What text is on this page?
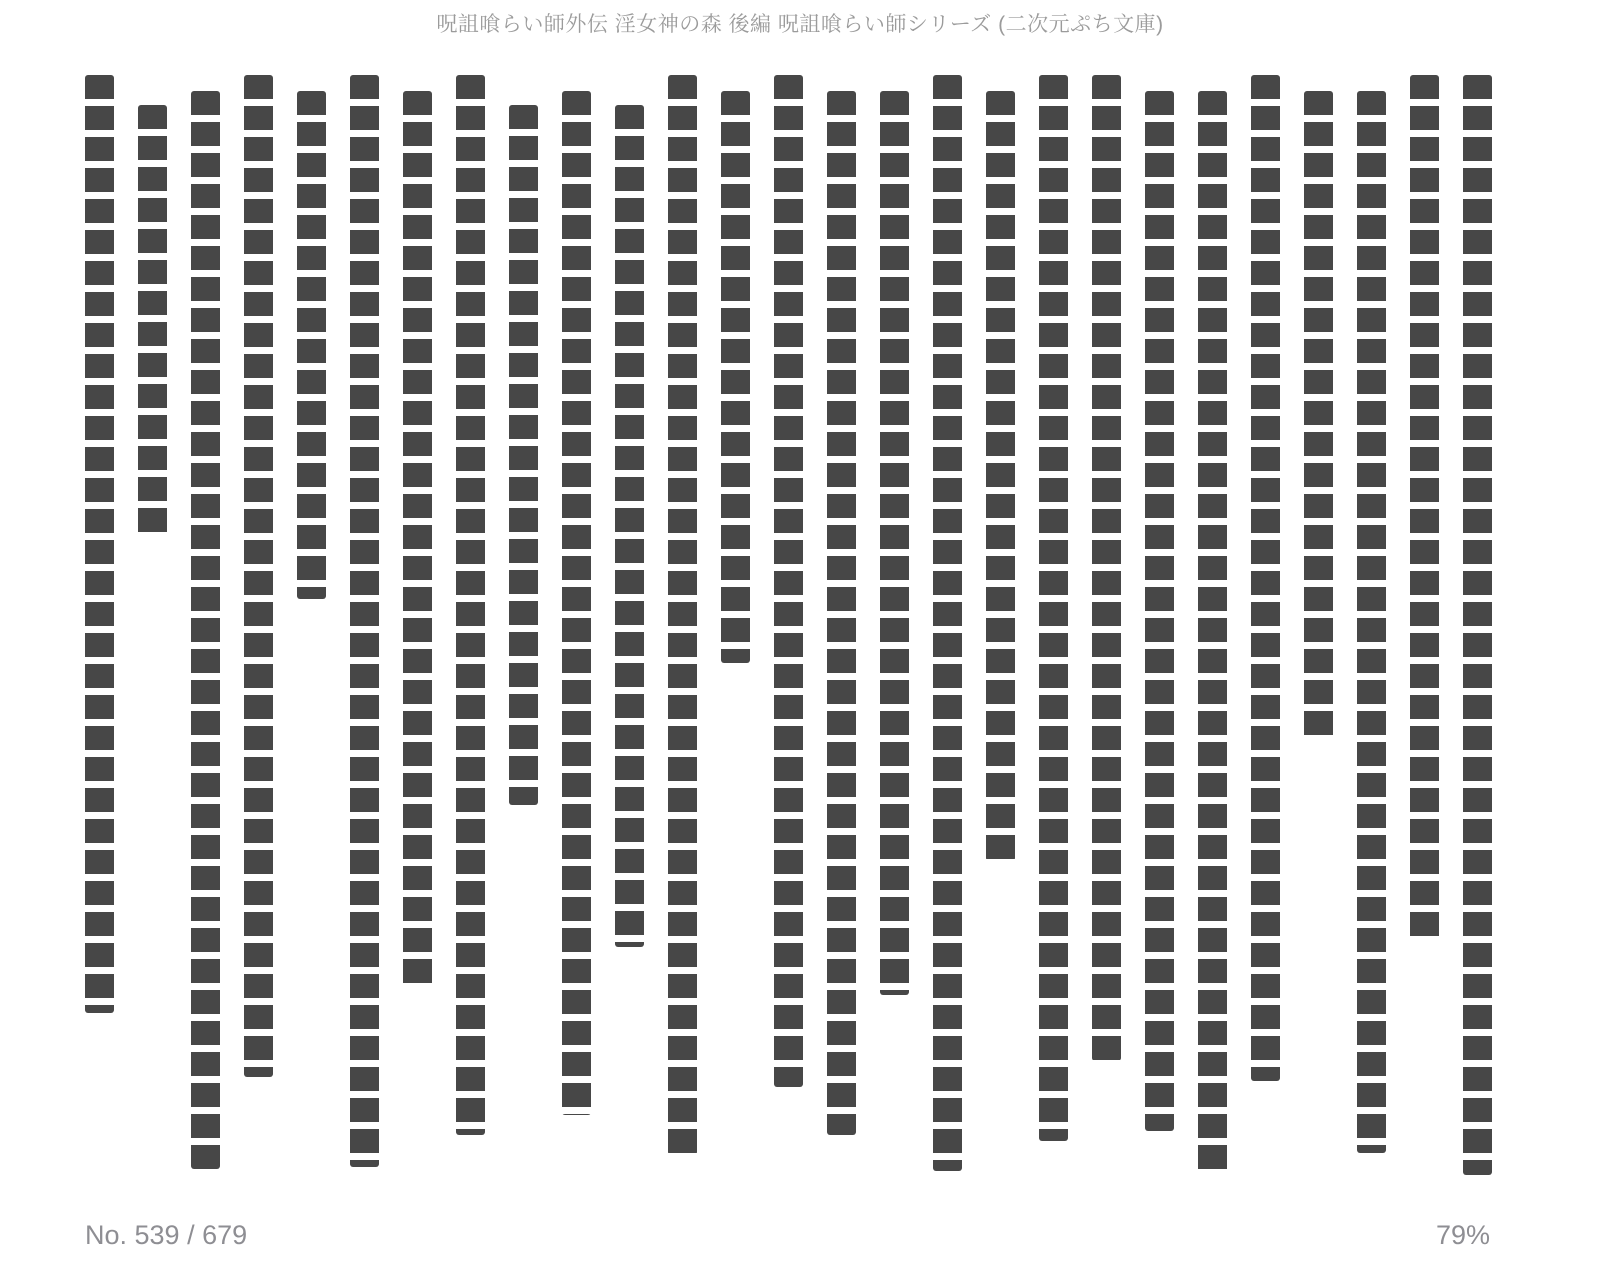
呪詛喰らい師外伝 淫女神の森 後編 呪詛喰らい師シリーズ (二次元ぷち文庫)
No. 539 / 679	79%
